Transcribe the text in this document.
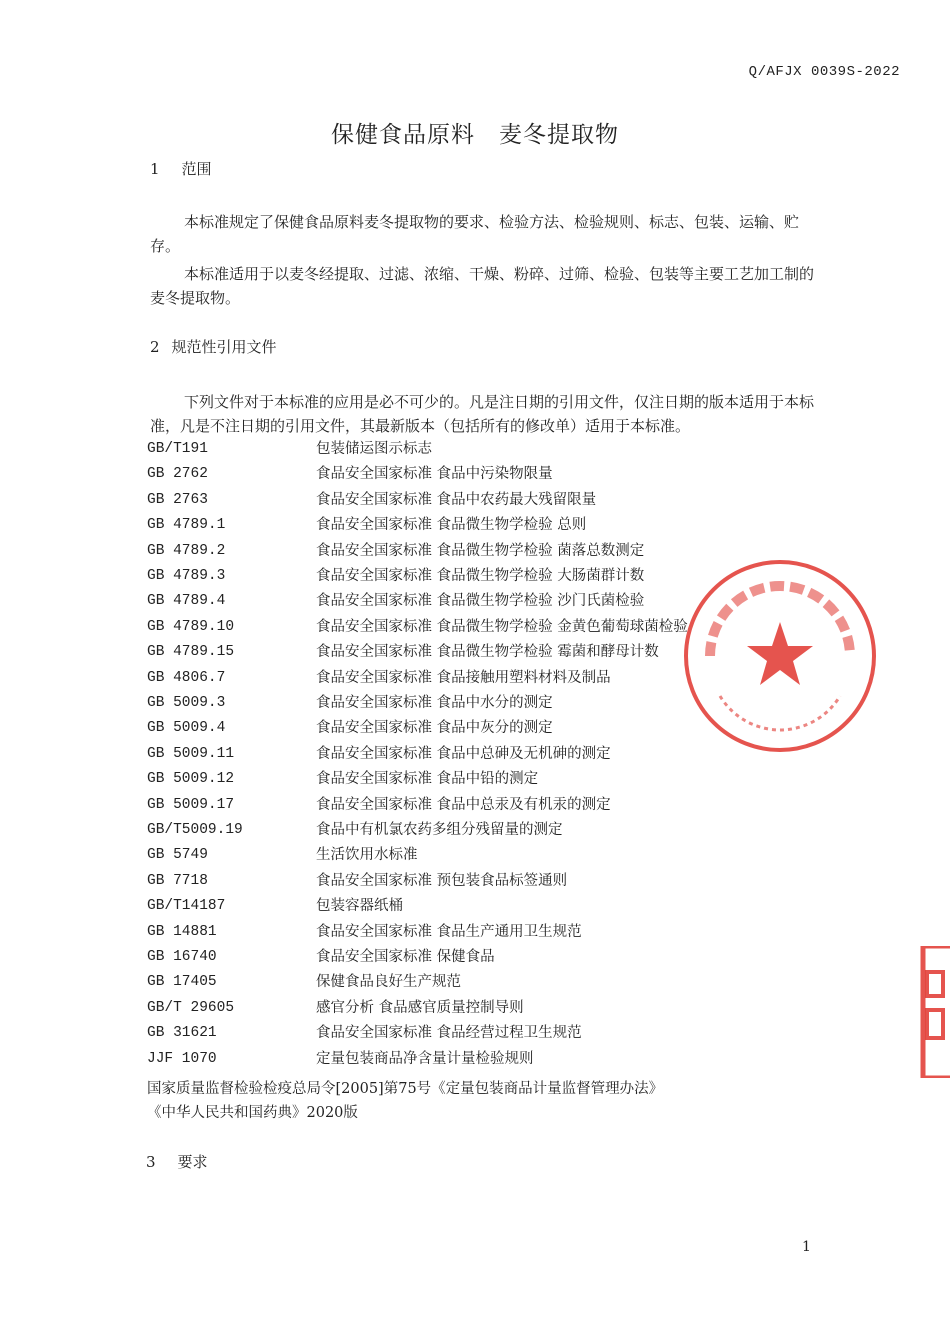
Q/AFJX 0039S-2022
保健食品原料　麦冬提取物
1 范围
本标准规定了保健食品原料麦冬提取物的要求、检验方法、检验规则、标志、包装、运输、贮存。
本标准适用于以麦冬经提取、过滤、浓缩、干燥、粉碎、过筛、检验、包装等主要工艺加工制的麦冬提取物。
2 规范性引用文件
下列文件对于本标准的应用是必不可少的。凡是注日期的引用文件，仅注日期的版本适用于本标准，凡是不注日期的引用文件，其最新版本（包括所有的修改单）适用于本标准。
GB/T191	包装储运图示标志
GB 2762	食品安全国家标准 食品中污染物限量
GB 2763	食品安全国家标准 食品中农药最大残留限量
GB 4789.1	食品安全国家标准 食品微生物学检验 总则
GB 4789.2	食品安全国家标准 食品微生物学检验 菌落总数测定
GB 4789.3	食品安全国家标准 食品微生物学检验 大肠菌群计数
GB 4789.4	食品安全国家标准 食品微生物学检验 沙门氏菌检验
GB 4789.10	食品安全国家标准 食品微生物学检验 金黄色葡萄球菌检验
GB 4789.15	食品安全国家标准 食品微生物学检验 霉菌和酵母计数
GB 4806.7	食品安全国家标准 食品接触用塑料材料及制品
GB 5009.3	食品安全国家标准 食品中水分的测定
GB 5009.4	食品安全国家标准 食品中灰分的测定
GB 5009.11	食品安全国家标准 食品中总砷及无机砷的测定
GB 5009.12	食品安全国家标准 食品中铅的测定
GB 5009.17	食品安全国家标准 食品中总汞及有机汞的测定
GB/T5009.19	食品中有机氯农药多组分残留量的测定
GB 5749	生活饮用水标准
GB 7718	食品安全国家标准 预包装食品标签通则
GB/T14187	包装容器纸桶
GB 14881	食品安全国家标准 食品生产通用卫生规范
GB 16740	食品安全国家标准 保健食品
GB 17405	保健食品良好生产规范
GB/T 29605	感官分析 食品感官质量控制导则
GB 31621	食品安全国家标准 食品经营过程卫生规范
JJF 1070	定量包装商品净含量计量检验规则
国家质量监督检验检疫总局令[2005]第75号《定量包装商品计量监督管理办法》
《中华人民共和国药典》2020版
3 要求
1
